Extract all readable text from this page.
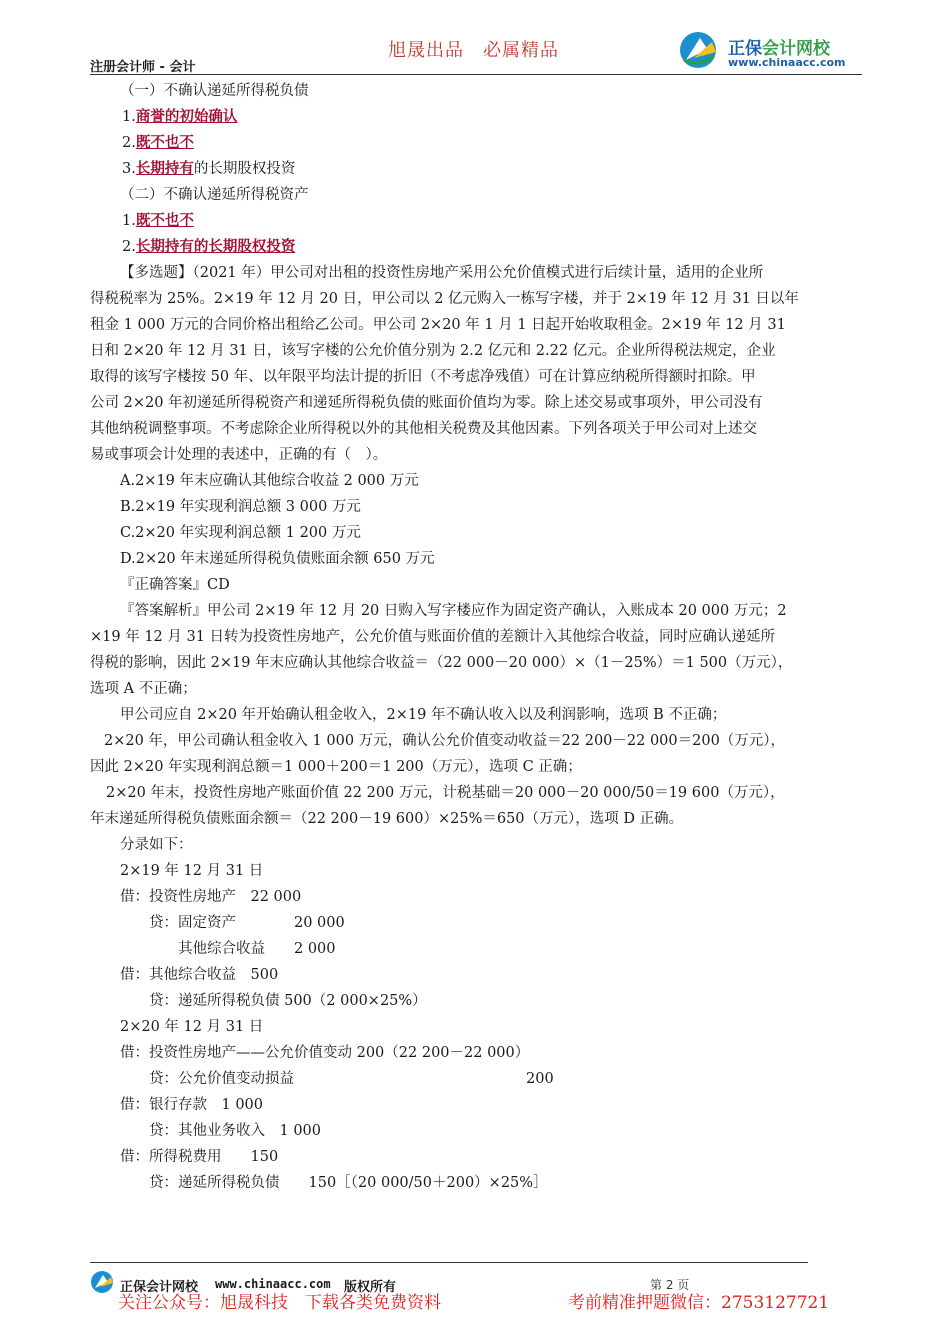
注册会计师 - 会计
旭晟出品　必属精品	正保会计网校
www.chinaacc.com
（一）不确认递延所得税负债
1.商誉的初始确认
2.既不也不
3.长期持有的长期股权投资
（二）不确认递延所得税资产
1.既不也不
2.长期持有的长期股权投资
【多选题】（2021 年）甲公司对出租的投资性房地产采用公允价值模式进行后续计量，适用的企业所
得税税率为 25%。2×19 年 12 月 20 日，甲公司以 2 亿元购入一栋写字楼，并于 2×19 年 12 月 31 日以年
租金 1 000 万元的合同价格出租给乙公司。甲公司 2×20 年 1 月 1 日起开始收取租金。2×19 年 12 月 31
日和 2×20 年 12 月 31 日，该写字楼的公允价值分别为 2.2 亿元和 2.22 亿元。企业所得税法规定，企业
取得的该写字楼按 50 年、以年限平均法计提的折旧（不考虑净残值）可在计算应纳税所得额时扣除。甲
公司 2×20 年初递延所得税资产和递延所得税负债的账面价值均为零。除上述交易或事项外，甲公司没有
其他纳税调整事项。不考虑除企业所得税以外的其他相关税费及其他因素。下列各项关于甲公司对上述交
易或事项会计处理的表述中，正确的有（　）。
A.2×19 年末应确认其他综合收益 2 000 万元
B.2×19 年实现利润总额 3 000 万元
C.2×20 年实现利润总额 1 200 万元
D.2×20 年末递延所得税负债账面余额 650 万元
『正确答案』CD
『答案解析』甲公司 2×19 年 12 月 20 日购入写字楼应作为固定资产确认，入账成本 20 000 万元；2
×19 年 12 月 31 日转为投资性房地产，公允价值与账面价值的差额计入其他综合收益，同时应确认递延所
得税的影响，因此 2×19 年末应确认其他综合收益＝（22 000－20 000）×（1－25%）＝1 500（万元），
选项 A 不正确；
甲公司应自 2×20 年开始确认租金收入，2×19 年不确认收入以及利润影响，选项 B 不正确；
2×20 年，甲公司确认租金收入 1 000 万元，确认公允价值变动收益＝22 200－22 000＝200（万元），
因此 2×20 年实现利润总额＝1 000＋200＝1 200（万元），选项 C 正确；
2×20 年末，投资性房地产账面价值 22 200 万元，计税基础＝20 000－20 000/50＝19 600（万元），
年末递延所得税负债账面余额＝（22 200－19 600）×25%＝650（万元），选项 D 正确。
分录如下：
2×19 年 12 月 31 日
借：投资性房地产　22 000
　　贷：固定资产　　　　20 000
　　　　其他综合收益　　2 000
借：其他综合收益　500
　　贷：递延所得税负债 500（2 000×25%）
2×20 年 12 月 31 日
借：投资性房地产——公允价值变动 200（22 200－22 000）
　　贷：公允价值变动损益　　　　　　　　　　　　　　　　200
借：银行存款　1 000
　　贷：其他业务收入　1 000
借：所得税费用　　150
　　贷：递延所得税负债　　150［（20 000/50＋200）×25%］
正保会计网校 www.chinaacc.com 版权所有	第 2 页
关注公众号：旭晟科技　下载各类免费资料	考前精准押题微信：2753127721
